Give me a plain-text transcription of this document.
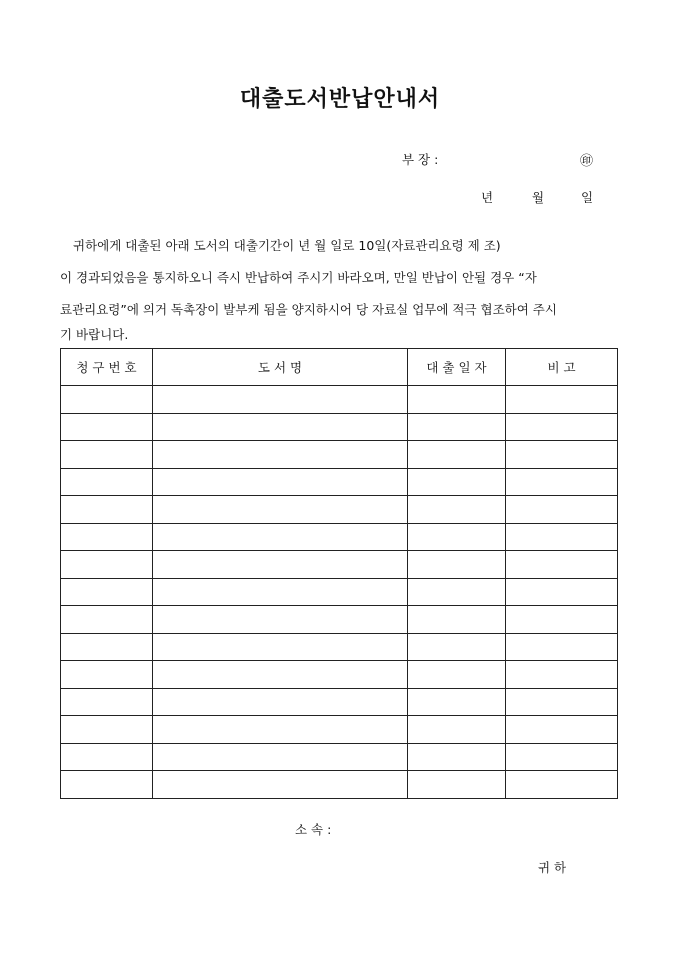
대출도서반납안내서
부 장 :	㊞
년	월	일
귀하에게 대출된 아래 도서의 대출기간이 년 월 일로 10일(자료관리요령 제 조)
이 경과되었음을 통지하오니 즉시 반납하여 주시기 바라오며, 만일 반납이 안될 경우 “자
료관리요령”에 의거 독촉장이 발부케 됨을 양지하시어 당 자료실 업무에 적극 협조하여 주시
기 바랍니다.
청 구 번 호	도 서 명	대 출 일 자	비 고

소 속 :
귀 하
